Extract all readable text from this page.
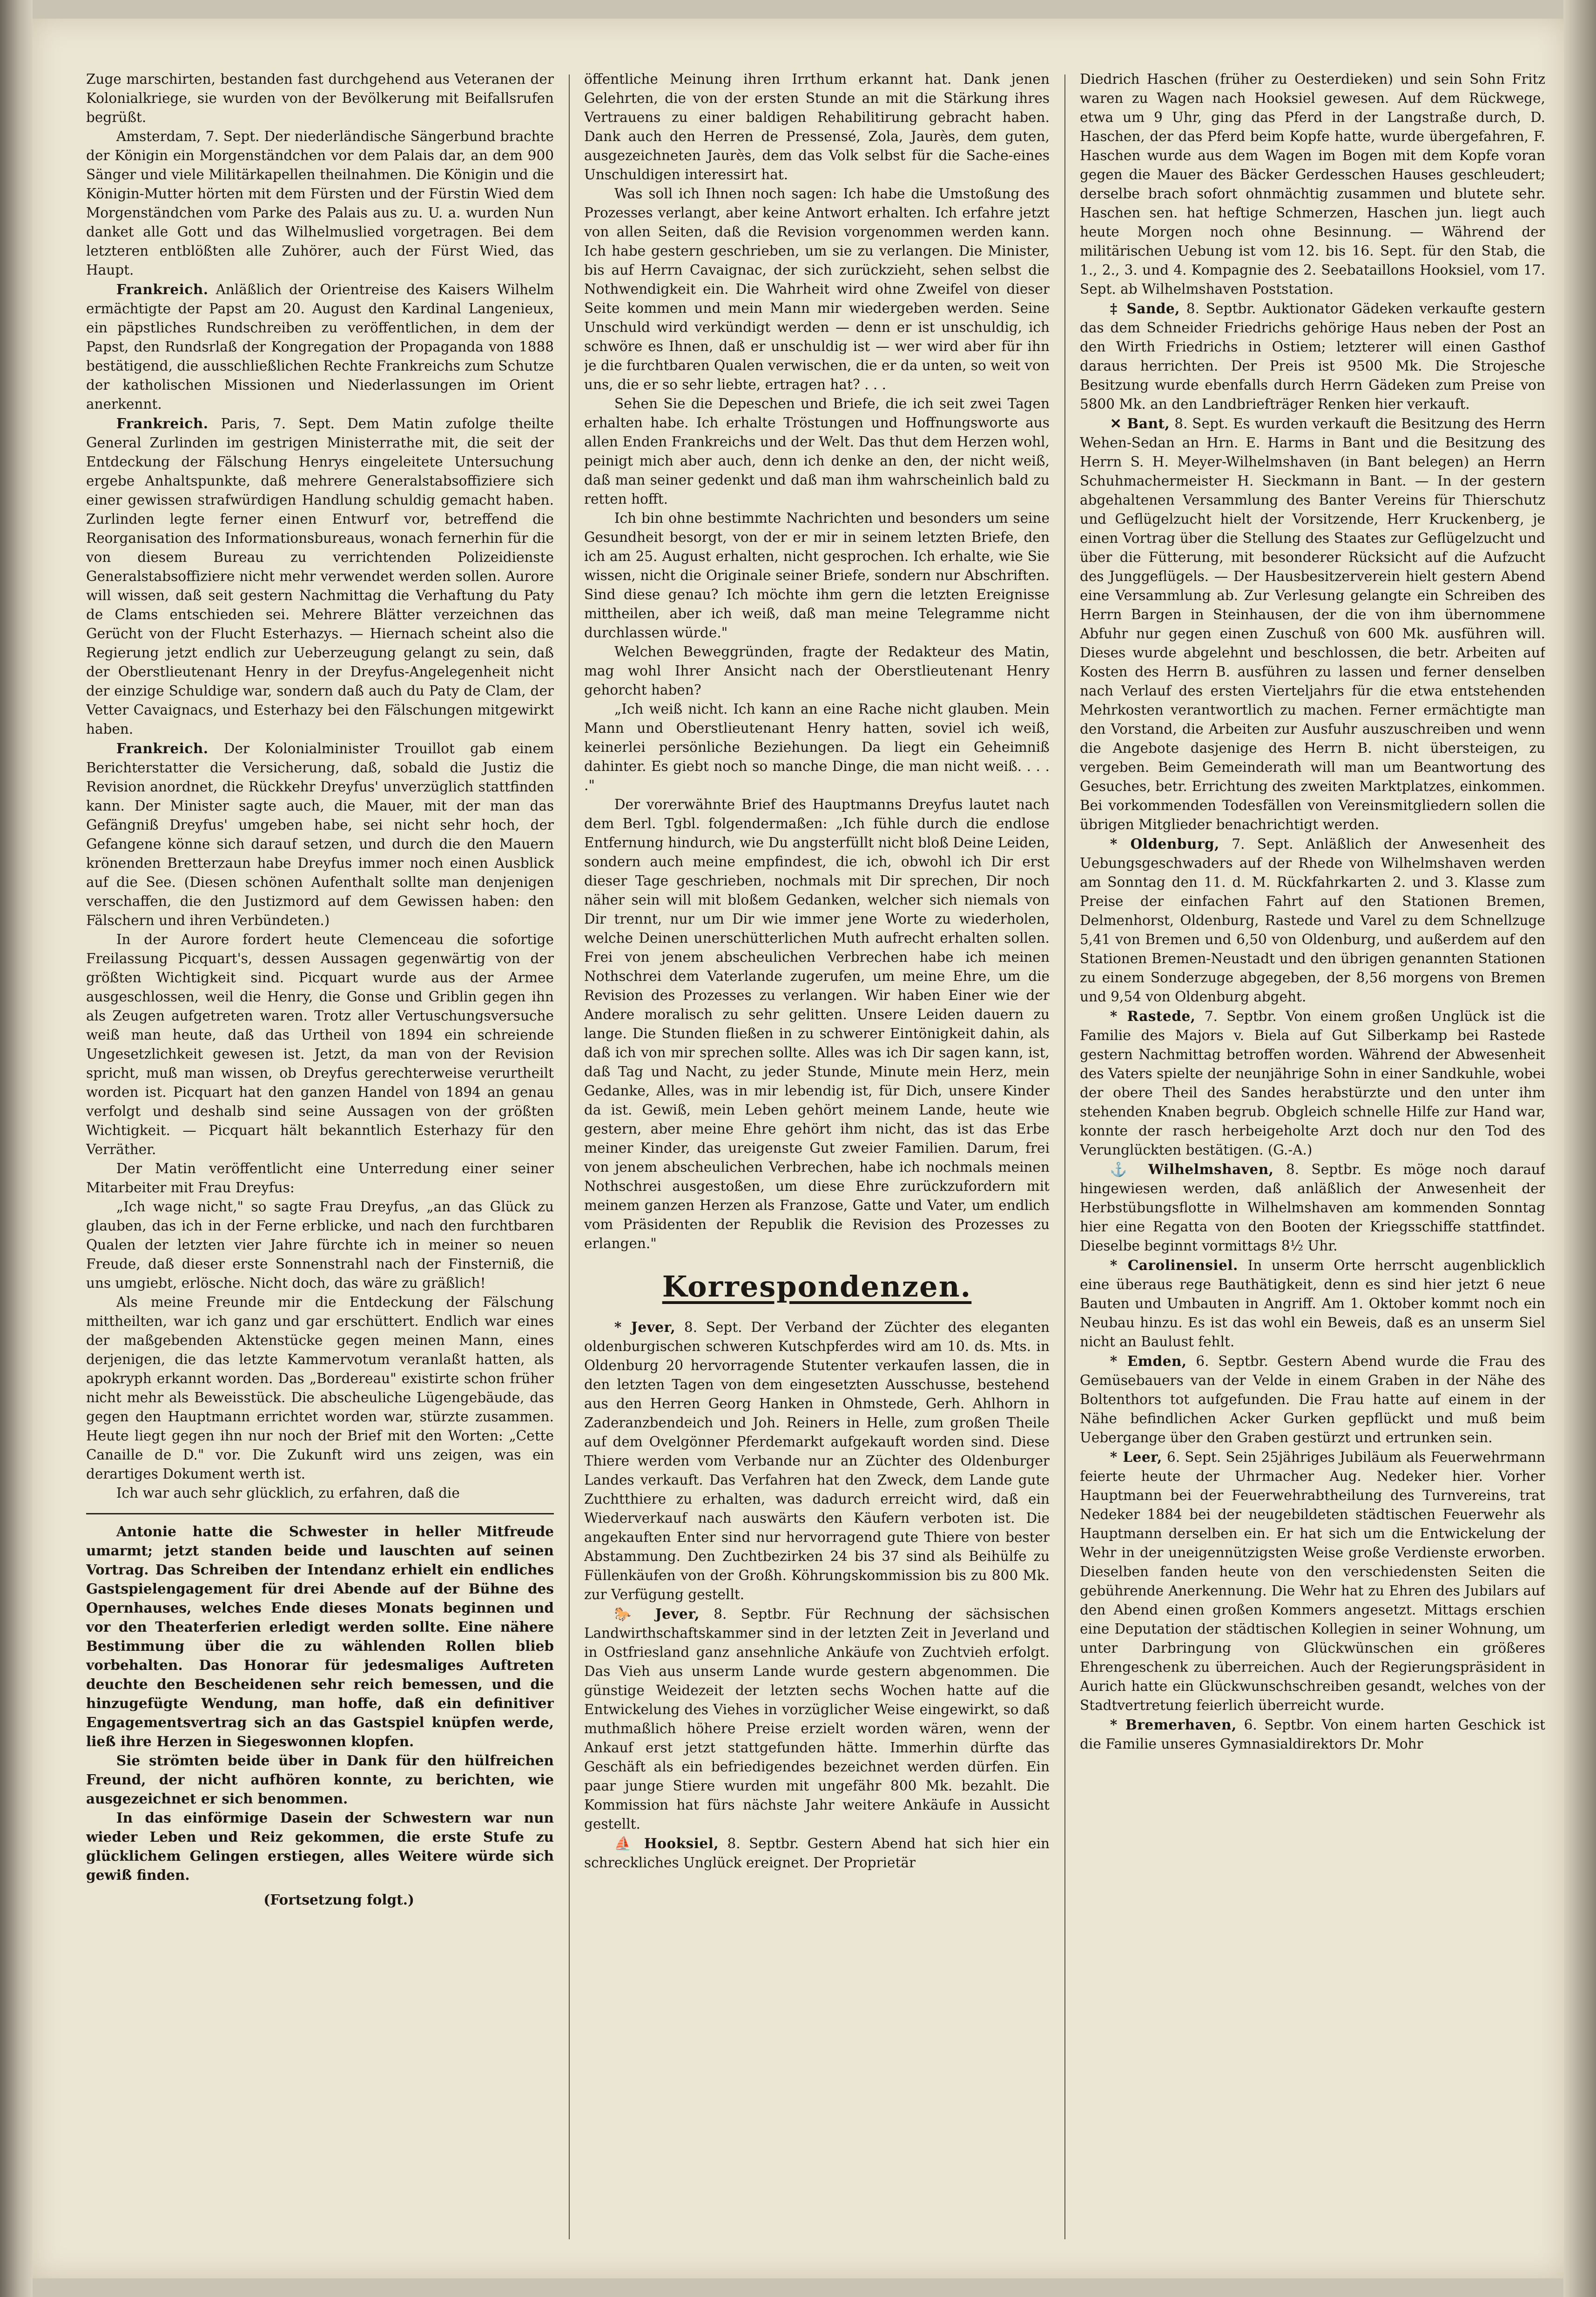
Zuge marschirten, bestanden fast durchgehend aus Veteranen der Kolonialkriege, sie wurden von der Bevölkerung mit Beifallsrufen begrüßt.

Amsterdam, 7. Sept. Der niederländische Sängerbund brachte der Königin ein Morgenständchen vor dem Palais dar, an dem 900 Sänger und viele Militärkapellen theilnahmen. Die Königin und die Königin-Mutter hörten mit dem Fürsten und der Fürstin Wied dem Morgenständchen vom Parke des Palais aus zu. U. a. wurden Nun danket alle Gott und das Wilhelmuslied vorgetragen. Bei dem letzteren entblößten alle Zuhörer, auch der Fürst Wied, das Haupt.

Frankreich. Anläßlich der Orientreise des Kaisers Wilhelm ermächtigte der Papst am 20. August den Kardinal Langenieux, ein päpstliches Rundschreiben zu veröffentlichen, in dem der Papst, den Rundsrlaß der Kongregation der Propaganda von 1888 bestätigend, die ausschließlichen Rechte Frankreichs zum Schutze der katholischen Missionen und Niederlassungen im Orient anerkennt.

Frankreich. Paris, 7. Sept. Dem Matin zufolge theilte General Zurlinden im gestrigen Ministerrathe mit, die seit der Entdeckung der Fälschung Henrys eingeleitete Untersuchung ergebe Anhaltspunkte, daß mehrere Generalstabsoffiziere sich einer gewissen strafwürdigen Handlung schuldig gemacht haben. Zurlinden legte ferner einen Entwurf vor, betreffend die Reorganisation des Informationsbureaus, wonach fernerhin für die von diesem Bureau zu verrichtenden Polizeidienste Generalstabsoffiziere nicht mehr verwendet werden sollen. Aurore will wissen, daß seit gestern Nachmittag die Verhaftung du Paty de Clams entschieden sei. Mehrere Blätter verzeichnen das Gerücht von der Flucht Esterhazys. — Hiernach scheint also die Regierung jetzt endlich zur Ueberzeugung gelangt zu sein, daß der Oberstlieutenant Henry in der Dreyfus-Angelegenheit nicht der einzige Schuldige war, sondern daß auch du Paty de Clam, der Vetter Cavaignacs, und Esterhazy bei den Fälschungen mitgewirkt haben.

Frankreich. Der Kolonialminister Trouillot gab einem Berichterstatter die Versicherung, daß, sobald die Justiz die Revision anordnet, die Rückkehr Dreyfus' unverzüglich stattfinden kann. Der Minister sagte auch, die Mauer, mit der man das Gefängniß Dreyfus' umgeben habe, sei nicht sehr hoch, der Gefangene könne sich darauf setzen, und durch die den Mauern krönenden Bretterzaun habe Dreyfus immer noch einen Ausblick auf die See. (Diesen schönen Aufenthalt sollte man denjenigen verschaffen, die den Justizmord auf dem Gewissen haben: den Fälschern und ihren Verbündeten.)

In der Aurore fordert heute Clemenceau die sofortige Freilassung Picquart's, dessen Aussagen gegenwärtig von der größten Wichtigkeit sind. Picquart wurde aus der Armee ausgeschlossen, weil die Henry, die Gonse und Griblin gegen ihn als Zeugen aufgetreten waren. Trotz aller Vertuschungsversuche weiß man heute, daß das Urtheil von 1894 ein schreiende Ungesetzlichkeit gewesen ist. Jetzt, da man von der Revision spricht, muß man wissen, ob Dreyfus gerechterweise verurtheilt worden ist. Picquart hat den ganzen Handel von 1894 an genau verfolgt und deshalb sind seine Aussagen von der größten Wichtigkeit. — Picquart hält bekanntlich Esterhazy für den Verräther.

Der Matin veröffentlicht eine Unterredung einer seiner Mitarbeiter mit Frau Dreyfus:

„Ich wage nicht," so sagte Frau Dreyfus, „an das Glück zu glauben, das ich in der Ferne erblicke, und nach den furchtbaren Qualen der letzten vier Jahre fürchte ich in meiner so neuen Freude, daß dieser erste Sonnenstrahl nach der Finsterniß, die uns umgiebt, erlösche. Nicht doch, das wäre zu gräßlich!

Als meine Freunde mir die Entdeckung der Fälschung mittheilten, war ich ganz und gar erschüttert. Endlich war eines der maßgebenden Aktenstücke gegen meinen Mann, eines derjenigen, die das letzte Kammervotum veranlaßt hatten, als apokryph erkannt worden. Das „Bordereau" existirte schon früher nicht mehr als Beweisstück. Die abscheuliche Lügengebäude, das gegen den Hauptmann errichtet worden war, stürzte zusammen. Heute liegt gegen ihn nur noch der Brief mit den Worten: „Cette Canaille de D." vor. Die Zukunft wird uns zeigen, was ein derartiges Dokument werth ist.

Ich war auch sehr glücklich, zu erfahren, daß die

Antonie hatte die Schwester in heller Mitfreude umarmt; jetzt standen beide und lauschten auf seinen Vortrag. Das Schreiben der Intendanz erhielt ein endliches Gastspielengagement für drei Abende auf der Bühne des Opernhauses, welches Ende dieses Monats beginnen und vor den Theaterferien erledigt werden sollte. Eine nähere Bestimmung über die zu wählenden Rollen blieb vorbehalten. Das Honorar für jedesmaliges Auftreten deuchte den Bescheidenen sehr reich bemessen, und die hinzugefügte Wendung, man hoffe, daß ein definitiver Engagementsvertrag sich an das Gastspiel knüpfen werde, ließ ihre Herzen in Siegeswonnen klopfen.

Sie strömten beide über in Dank für den hülfreichen Freund, der nicht aufhören konnte, zu berichten, wie ausgezeichnet er sich benommen.

In das einförmige Dasein der Schwestern war nun wieder Leben und Reiz gekommen, die erste Stufe zu glücklichem Gelingen erstiegen, alles Weitere würde sich gewiß finden.

(Fortsetzung folgt.)

öffentliche Meinung ihren Irrthum erkannt hat. Dank jenen Gelehrten, die von der ersten Stunde an mit die Stärkung ihres Vertrauens zu einer baldigen Rehabilitirung gebracht haben. Dank auch den Herren de Pressensé, Zola, Jaurès, dem guten, ausgezeichneten Jaurès, dem das Volk selbst für die Sache-eines Unschuldigen interessirt hat.

Was soll ich Ihnen noch sagen: Ich habe die Umstoßung des Prozesses verlangt, aber keine Antwort erhalten. Ich erfahre jetzt von allen Seiten, daß die Revision vorgenommen werden kann. Ich habe gestern geschrieben, um sie zu verlangen. Die Minister, bis auf Herrn Cavaignac, der sich zurückzieht, sehen selbst die Nothwendigkeit ein. Die Wahrheit wird ohne Zweifel von dieser Seite kommen und mein Mann mir wiedergeben werden. Seine Unschuld wird verkündigt werden — denn er ist unschuldig, ich schwöre es Ihnen, daß er unschuldig ist — wer wird aber für ihn je die furchtbaren Qualen verwischen, die er da unten, so weit von uns, die er so sehr liebte, ertragen hat? . . .

Sehen Sie die Depeschen und Briefe, die ich seit zwei Tagen erhalten habe. Ich erhalte Tröstungen und Hoffnungsworte aus allen Enden Frankreichs und der Welt. Das thut dem Herzen wohl, peinigt mich aber auch, denn ich denke an den, der nicht weiß, daß man seiner gedenkt und daß man ihm wahrscheinlich bald zu retten hofft.

Ich bin ohne bestimmte Nachrichten und besonders um seine Gesundheit besorgt, von der er mir in seinem letzten Briefe, den ich am 25. August erhalten, nicht gesprochen. Ich erhalte, wie Sie wissen, nicht die Originale seiner Briefe, sondern nur Abschriften. Sind diese genau? Ich möchte ihm gern die letzten Ereignisse mittheilen, aber ich weiß, daß man meine Telegramme nicht durchlassen würde."

Welchen Beweggründen, fragte der Redakteur des Matin, mag wohl Ihrer Ansicht nach der Oberstlieutenant Henry gehorcht haben?

„Ich weiß nicht. Ich kann an eine Rache nicht glauben. Mein Mann und Oberstlieutenant Henry hatten, soviel ich weiß, keinerlei persönliche Beziehungen. Da liegt ein Geheimniß dahinter. Es giebt noch so manche Dinge, die man nicht weiß. . . . ."

Der vorerwähnte Brief des Hauptmanns Dreyfus lautet nach dem Berl. Tgbl. folgendermaßen: „Ich fühle durch die endlose Entfernung hindurch, wie Du angsterfüllt nicht bloß Deine Leiden, sondern auch meine empfindest, die ich, obwohl ich Dir erst dieser Tage geschrieben, nochmals mit Dir sprechen, Dir noch näher sein will mit bloßem Gedanken, welcher sich niemals von Dir trennt, nur um Dir wie immer jene Worte zu wiederholen, welche Deinen unerschütterlichen Muth aufrecht erhalten sollen. Frei von jenem abscheulichen Verbrechen habe ich meinen Nothschrei dem Vaterlande zugerufen, um meine Ehre, um die Revision des Prozesses zu verlangen. Wir haben Einer wie der Andere moralisch zu sehr gelitten. Unsere Leiden dauern zu lange. Die Stunden fließen in zu schwerer Eintönigkeit dahin, als daß ich von mir sprechen sollte. Alles was ich Dir sagen kann, ist, daß Tag und Nacht, zu jeder Stunde, Minute mein Herz, mein Gedanke, Alles, was in mir lebendig ist, für Dich, unsere Kinder da ist. Gewiß, mein Leben gehört meinem Lande, heute wie gestern, aber meine Ehre gehört ihm nicht, das ist das Erbe meiner Kinder, das ureigenste Gut zweier Familien. Darum, frei von jenem abscheulichen Verbrechen, habe ich nochmals meinen Nothschrei ausgestoßen, um diese Ehre zurückzufordern mit meinem ganzen Herzen als Franzose, Gatte und Vater, um endlich vom Präsidenten der Republik die Revision des Prozesses zu erlangen."

Korrespondenzen.

* Jever, 8. Sept. Der Verband der Züchter des eleganten oldenburgischen schweren Kutschpferdes wird am 10. ds. Mts. in Oldenburg 20 hervorragende Stutenter verkaufen lassen, die in den letzten Tagen von dem eingesetzten Ausschusse, bestehend aus den Herren Georg Hanken in Ohmstede, Gerh. Ahlhorn in Zaderanzbendeich und Joh. Reiners in Helle, zum großen Theile auf dem Ovelgönner Pferdemarkt aufgekauft worden sind. Diese Thiere werden vom Verbande nur an Züchter des Oldenburger Landes verkauft. Das Verfahren hat den Zweck, dem Lande gute Zuchtthiere zu erhalten, was dadurch erreicht wird, daß ein Wiederverkauf nach auswärts den Käufern verboten ist. Die angekauften Enter sind nur hervorragend gute Thiere von bester Abstammung. Den Zuchtbezirken 24 bis 37 sind als Beihülfe zu Füllenkäufen von der Großh. Köhrungskommission bis zu 800 Mk. zur Verfügung gestellt.

🐎 Jever, 8. Septbr. Für Rechnung der sächsischen Landwirthschaftskammer sind in der letzten Zeit in Jeverland und in Ostfriesland ganz ansehnliche Ankäufe von Zuchtvieh erfolgt. Das Vieh aus unserm Lande wurde gestern abgenommen. Die günstige Weidezeit der letzten sechs Wochen hatte auf die Entwickelung des Viehes in vorzüglicher Weise eingewirkt, so daß muthmaßlich höhere Preise erzielt worden wären, wenn der Ankauf erst jetzt stattgefunden hätte. Immerhin dürfte das Geschäft als ein befriedigendes bezeichnet werden dürfen. Ein paar junge Stiere wurden mit ungefähr 800 Mk. bezahlt. Die Kommission hat fürs nächste Jahr weitere Ankäufe in Aussicht gestellt.

⛵ Hooksiel, 8. Septbr. Gestern Abend hat sich hier ein schreckliches Unglück ereignet. Der Proprietär

Diedrich Haschen (früher zu Oesterdieken) und sein Sohn Fritz waren zu Wagen nach Hooksiel gewesen. Auf dem Rückwege, etwa um 9 Uhr, ging das Pferd in der Langstraße durch, D. Haschen, der das Pferd beim Kopfe hatte, wurde übergefahren, F. Haschen wurde aus dem Wagen im Bogen mit dem Kopfe voran gegen die Mauer des Bäcker Gerdesschen Hauses geschleudert; derselbe brach sofort ohnmächtig zusammen und blutete sehr. Haschen sen. hat heftige Schmerzen, Haschen jun. liegt auch heute Morgen noch ohne Besinnung. — Während der militärischen Uebung ist vom 12. bis 16. Sept. für den Stab, die 1., 2., 3. und 4. Kompagnie des 2. Seebataillons Hooksiel, vom 17. Sept. ab Wilhelmshaven Poststation.

‡ Sande, 8. Septbr. Auktionator Gädeken verkaufte gestern das dem Schneider Friedrichs gehörige Haus neben der Post an den Wirth Friedrichs in Ostiem; letzterer will einen Gasthof daraus herrichten. Der Preis ist 9500 Mk. Die Strojesche Besitzung wurde ebenfalls durch Herrn Gädeken zum Preise von 5800 Mk. an den Landbriefträger Renken hier verkauft.

✕ Bant, 8. Sept. Es wurden verkauft die Besitzung des Herrn Wehen-Sedan an Hrn. E. Harms in Bant und die Besitzung des Herrn S. H. Meyer-Wilhelmshaven (in Bant belegen) an Herrn Schuhmachermeister H. Sieckmann in Bant. — In der gestern abgehaltenen Versammlung des Banter Vereins für Thierschutz und Geflügelzucht hielt der Vorsitzende, Herr Kruckenberg, je einen Vortrag über die Stellung des Staates zur Geflügelzucht und über die Fütterung, mit besonderer Rücksicht auf die Aufzucht des Junggeflügels. — Der Hausbesitzerverein hielt gestern Abend eine Versammlung ab. Zur Verlesung gelangte ein Schreiben des Herrn Bargen in Steinhausen, der die von ihm übernommene Abfuhr nur gegen einen Zuschuß von 600 Mk. ausführen will. Dieses wurde abgelehnt und beschlossen, die betr. Arbeiten auf Kosten des Herrn B. ausführen zu lassen und ferner denselben nach Verlauf des ersten Vierteljahrs für die etwa entstehenden Mehrkosten verantwortlich zu machen. Ferner ermächtigte man den Vorstand, die Arbeiten zur Ausfuhr auszuschreiben und wenn die Angebote dasjenige des Herrn B. nicht übersteigen, zu vergeben. Beim Gemeinderath will man um Beantwortung des Gesuches, betr. Errichtung des zweiten Marktplatzes, einkommen. Bei vorkommenden Todesfällen von Vereinsmitgliedern sollen die übrigen Mitglieder benachrichtigt werden.

* Oldenburg, 7. Sept. Anläßlich der Anwesenheit des Uebungsgeschwaders auf der Rhede von Wilhelmshaven werden am Sonntag den 11. d. M. Rückfahrkarten 2. und 3. Klasse zum Preise der einfachen Fahrt auf den Stationen Bremen, Delmenhorst, Oldenburg, Rastede und Varel zu dem Schnellzuge 5,41 von Bremen und 6,50 von Oldenburg, und außerdem auf den Stationen Bremen-Neustadt und den übrigen genannten Stationen zu einem Sonderzuge abgegeben, der 8,56 morgens von Bremen und 9,54 von Oldenburg abgeht.

* Rastede, 7. Septbr. Von einem großen Unglück ist die Familie des Majors v. Biela auf Gut Silberkamp bei Rastede gestern Nachmittag betroffen worden. Während der Abwesenheit des Vaters spielte der neunjährige Sohn in einer Sandkuhle, wobei der obere Theil des Sandes herabstürzte und den unter ihm stehenden Knaben begrub. Obgleich schnelle Hilfe zur Hand war, konnte der rasch herbeigeholte Arzt doch nur den Tod des Verunglückten bestätigen. (G.-A.)

⚓ Wilhelmshaven, 8. Septbr. Es möge noch darauf hingewiesen werden, daß anläßlich der Anwesenheit der Herbstübungsflotte in Wilhelmshaven am kommenden Sonntag hier eine Regatta von den Booten der Kriegsschiffe stattfindet. Dieselbe beginnt vormittags 8½ Uhr.

* Carolinensiel. In unserm Orte herrscht augenblicklich eine überaus rege Bauthätigkeit, denn es sind hier jetzt 6 neue Bauten und Umbauten in Angriff. Am 1. Oktober kommt noch ein Neubau hinzu. Es ist das wohl ein Beweis, daß es an unserm Siel nicht an Baulust fehlt.

* Emden, 6. Septbr. Gestern Abend wurde die Frau des Gemüsebauers van der Velde in einem Graben in der Nähe des Boltenthors tot aufgefunden. Die Frau hatte auf einem in der Nähe befindlichen Acker Gurken gepflückt und muß beim Uebergange über den Graben gestürzt und ertrunken sein.

* Leer, 6. Sept. Sein 25jähriges Jubiläum als Feuerwehrmann feierte heute der Uhrmacher Aug. Nedeker hier. Vorher Hauptmann bei der Feuerwehrabtheilung des Turnvereins, trat Nedeker 1884 bei der neugebildeten städtischen Feuerwehr als Hauptmann derselben ein. Er hat sich um die Entwickelung der Wehr in der uneigennützigsten Weise große Verdienste erworben. Dieselben fanden heute von den verschiedensten Seiten die gebührende Anerkennung. Die Wehr hat zu Ehren des Jubilars auf den Abend einen großen Kommers angesetzt. Mittags erschien eine Deputation der städtischen Kollegien in seiner Wohnung, um unter Darbringung von Glückwünschen ein größeres Ehrengeschenk zu überreichen. Auch der Regierungspräsident in Aurich hatte ein Glückwunschschreiben gesandt, welches von der Stadtvertretung feierlich überreicht wurde.

* Bremerhaven, 6. Septbr. Von einem harten Geschick ist die Familie unseres Gymnasialdirektors Dr. Mohr
